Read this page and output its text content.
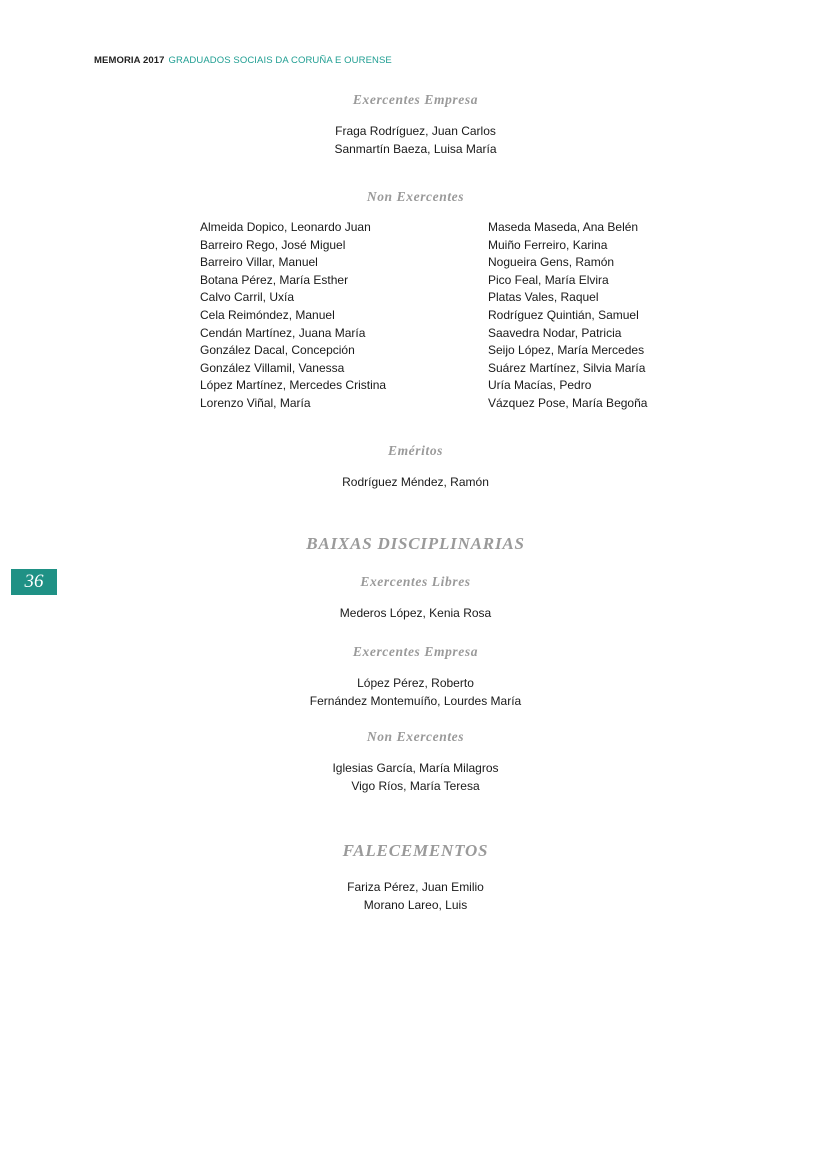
MEMORIA 2017 GRADUADOS SOCIAIS DA CORUÑA E OURENSE
36
Exercentes Empresa
Fraga Rodríguez, Juan Carlos
Sanmartín Baeza, Luisa María
Non Exercentes
Almeida Dopico, Leonardo Juan
Barreiro Rego, José Miguel
Barreiro Villar, Manuel
Botana Pérez, María Esther
Calvo Carril, Uxía
Cela Reimóndez, Manuel
Cendán Martínez, Juana María
González Dacal, Concepción
González Villamil, Vanessa
López Martínez, Mercedes Cristina
Lorenzo Viñal, María
Maseda Maseda, Ana Belén
Muiño Ferreiro, Karina
Nogueira Gens, Ramón
Pico Feal, María Elvira
Platas Vales, Raquel
Rodríguez Quintián, Samuel
Saavedra Nodar, Patricia
Seijo López, María Mercedes
Suárez Martínez, Silvia María
Uría Macías, Pedro
Vázquez Pose, María Begoña
Eméritos
Rodríguez Méndez, Ramón
BAIXAS DISCIPLINARIAS
Exercentes Libres
Mederos López, Kenia Rosa
Exercentes Empresa
López Pérez, Roberto
Fernández Montemuíño, Lourdes María
Non Exercentes
Iglesias García, María Milagros
Vigo Ríos, María Teresa
FALECEMENTOS
Fariza Pérez, Juan Emilio
Morano Lareo, Luis
